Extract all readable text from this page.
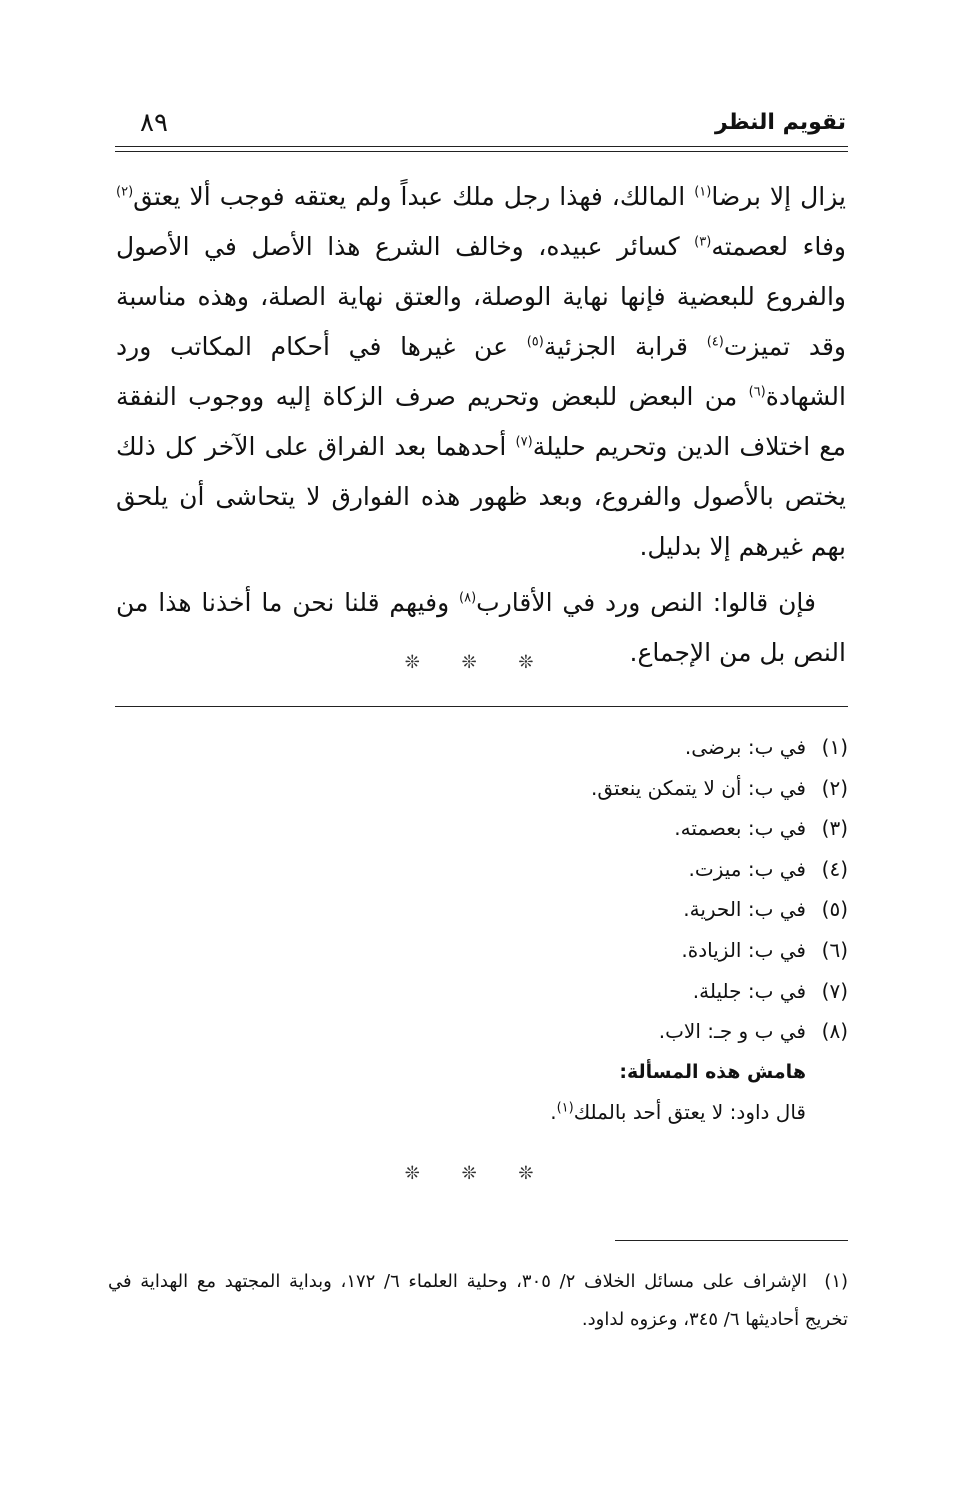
تقويم النظر
٨٩

يزال إلا برضا$^{(١)}$ المالك، فهذا رجل ملك عبداً ولم يعتقه فوجب ألا يعتق$^{(٢)}$ وفاء لعصمته$^{(٣)}$ كسائر عبيده، وخالف الشرع هذا الأصل في الأصول والفروع للبعضية فإنها نهاية الوصلة، والعتق نهاية الصلة، وهذه مناسبة وقد تميزت$^{(٤)}$ قرابة الجزئية$^{(٥)}$ عن غيرها في أحكام المكاتب ورد الشهادة$^{(٦)}$ من البعض للبعض وتحريم صرف الزكاة إليه ووجوب النفقة مع اختلاف الدين وتحريم حليلة$^{(٧)}$ أحدهما بعد الفراق على الآخر كل ذلك يختص بالأصول والفروع، وبعد ظهور هذه الفوارق لا يتحاشى أن يلحق بهم غيرهم إلا بدليل.

فإن قالوا: النص ورد في الأقارب$^{(٨)}$ وفيهم قلنا نحن ما أخذنا هذا من النص بل من الإجماع.

❊ ❊ ❊
(١)في ب: برضى.
(٢)في ب: أن لا يتمكن ينعتق.
(٣)في ب: بعصمته.
(٤)في ب: ميزت.
(٥)في ب: الحرية.
(٦)في ب: الزيادة.
(٧)في ب: جليلة.
(٨)في ب و جـ: الاب.
هامش هذه المسألة:
قال داود: لا يعتق أحد بالملك$^{(١)}$.
❊ ❊ ❊
(١)  الإشراف على مسائل الخلاف ٢/ ٣٠٥، وحلية العلماء ٦/ ١٧٢، وبداية المجتهد مع الهداية في تخريج أحاديثها ٦/ ٣٤٥، وعزوه لداود.
